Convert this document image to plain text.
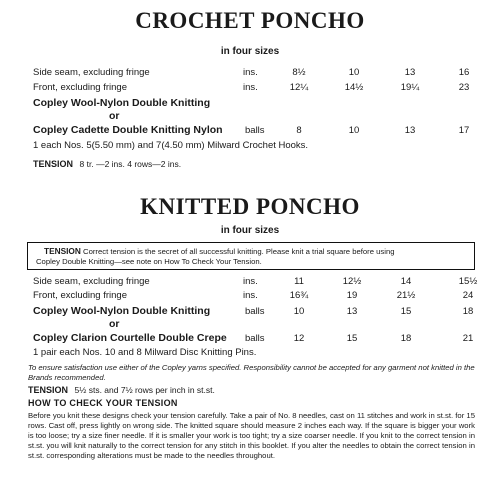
CROCHET PONCHO
in four sizes
Side seam, excluding fringe	ins.	8½	10	13	16
Front, excluding fringe	ins.	12¼	14½	19¼	23
Copley Wool-Nylon Double Knitting
or
Copley Cadette Double Knitting Nylon balls	8	10	13	17
1 each Nos. 5(5.50 mm) and 7(4.50 mm) Milward Crochet Hooks.
TENSION 8 tr. —2 ins. 4 rows—2 ins.
KNITTED PONCHO
in four sizes
TENSION Correct tension is the secret of all successful knitting. Please knit a trial square before using
Copley Double Knitting—see note on How To Check Your Tension.
Side seam, excluding fringe	ins.	11	12½	14	15½
Front, excluding fringe	ins.	16¾	19	21½	24
Copley Wool-Nylon Double Knitting	balls	10	13	15	18
or
Copley Clarion Courtelle Double Crepe balls	12	15	18	21
1 pair each Nos. 10 and 8 Milward Disc Knitting Pins.
To ensure satisfaction use either of the Copley yarns specified. Responsibility cannot be accepted for any garment not knitted in the Brands recommended.
TENSION 5½ sts. and 7½ rows per inch in st.st.
HOW TO CHECK YOUR TENSION
Before you knit these designs check your tension carefully. Take a pair of No. 8 needles, cast on 11 stitches and work in st.st. for 15 rows. Cast off, press lightly on wrong side. The knitted square should measure 2 inches each way. If the square is bigger your work is too loose; try a size finer needle. If it is smaller your work is too tight; try a size coarser needle. If you knit to the correct tension in st.st. you will knit naturally to the correct tension for any stitch in this booklet. If you alter the needles to obtain the correct tension in st.st. corresponding alterations must be made to the needles throughout.
